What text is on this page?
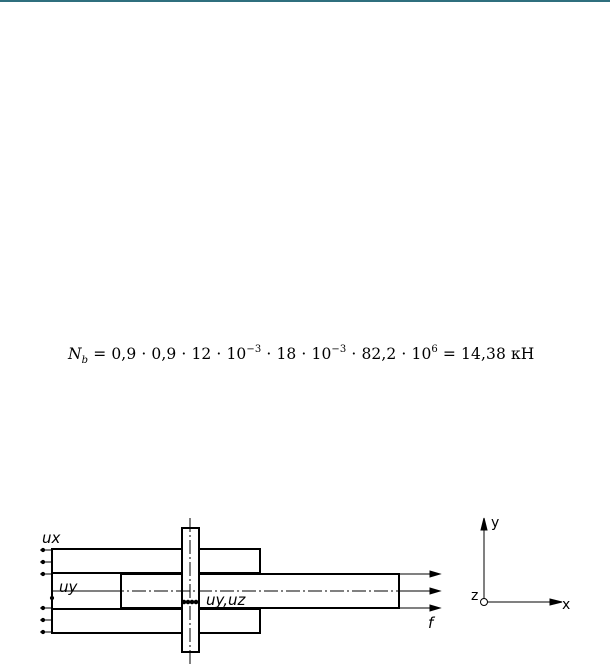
$N_b = 0,9 \cdot 0,9 \cdot 12 \cdot 10^{-3} \cdot 18 \cdot 10^{-3} \cdot 82,2 \cdot 10^6 = 14,38$ кН
ux
uy
uy,uz
f
y
z
x
